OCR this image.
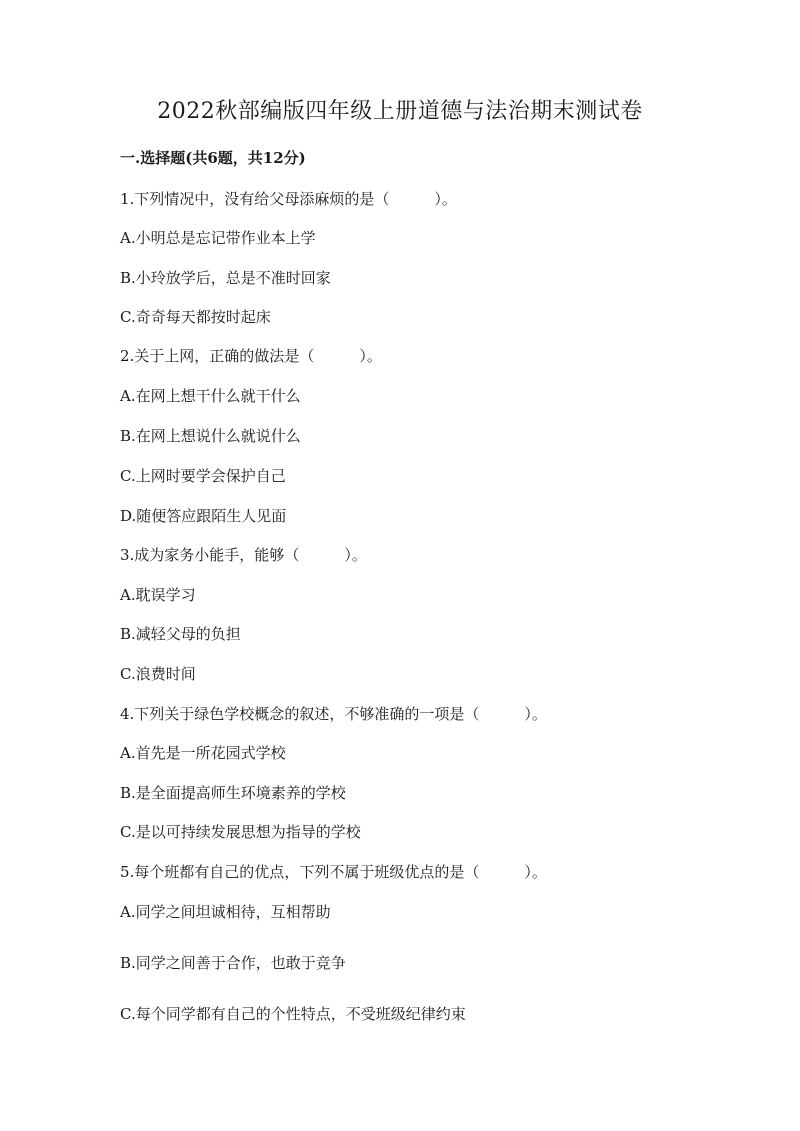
2022秋部编版四年级上册道德与法治期末测试卷
一.选择题(共6题，共12分)
1.下列情况中，没有给父母添麻烦的是（　　　）。
A.小明总是忘记带作业本上学
B.小玲放学后，总是不准时回家
C.奇奇每天都按时起床
2.关于上网，正确的做法是（　　　）。
A.在网上想干什么就干什么
B.在网上想说什么就说什么
C.上网时要学会保护自己
D.随便答应跟陌生人见面
3.成为家务小能手，能够（　　　）。
A.耽误学习
B.减轻父母的负担
C.浪费时间
4.下列关于绿色学校概念的叙述，不够准确的一项是（　　　）。
A.首先是一所花园式学校
B.是全面提高师生环境素养的学校
C.是以可持续发展思想为指导的学校
5.每个班都有自己的优点，下列不属于班级优点的是（　　　）。
A.同学之间坦诚相待，互相帮助
B.同学之间善于合作，也敢于竞争
C.每个同学都有自己的个性特点，不受班级纪律约束
